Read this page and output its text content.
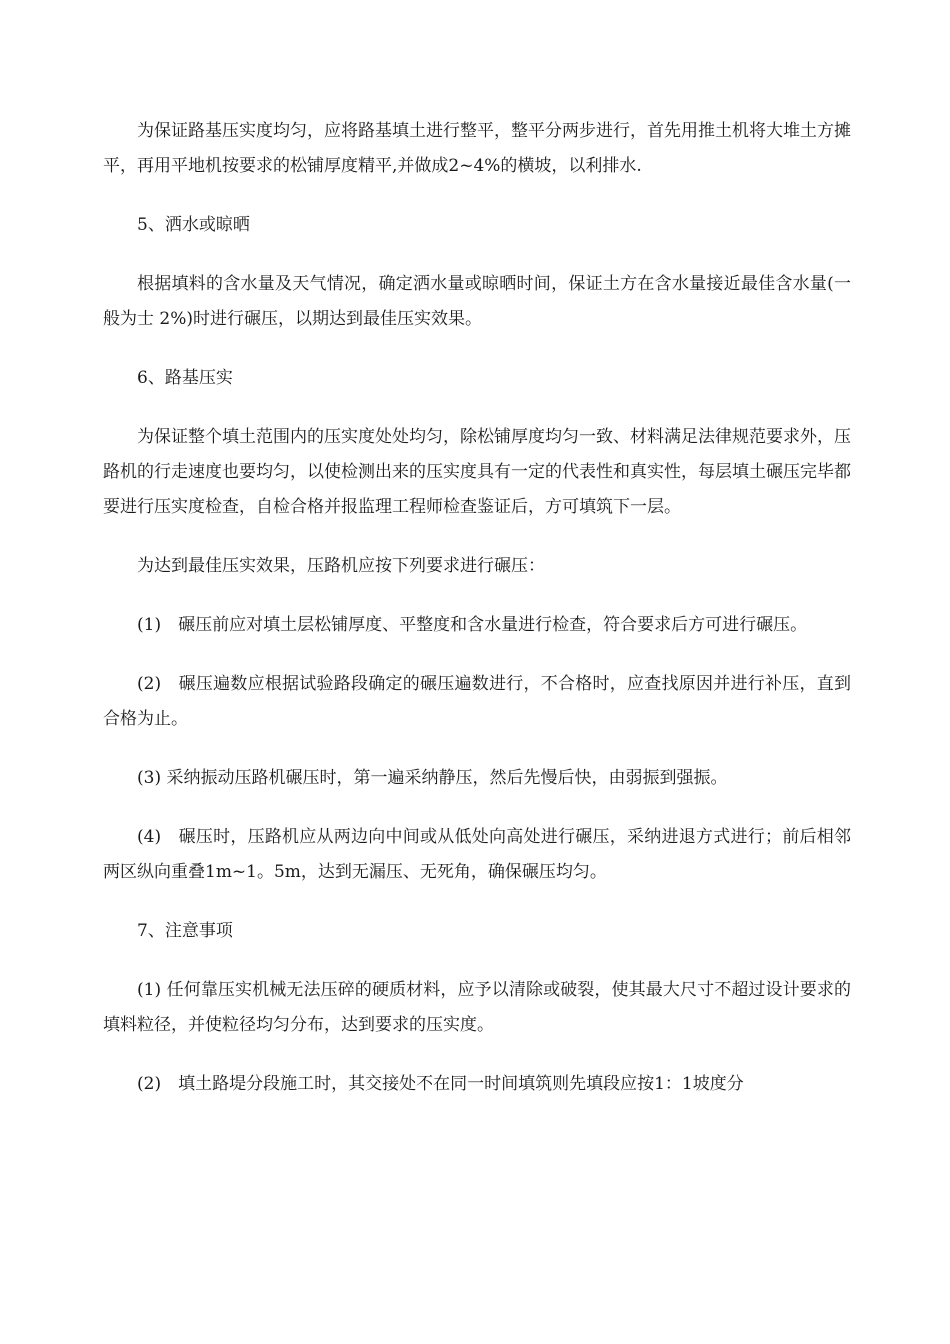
为保证路基压实度均匀，应将路基填土进行整平，整平分两步进行，首先用推土机将大堆土方摊平，再用平地机按要求的松铺厚度精平,并做成2~4%的横坡，以利排水.

5、洒水或晾晒

根据填料的含水量及天气情况，确定洒水量或晾晒时间，保证土方在含水量接近最佳含水量(一般为士 2%)时进行碾压，以期达到最佳压实效果。

6、路基压实

为保证整个填土范围内的压实度处处均匀，除松铺厚度均匀一致、材料满足法律规范要求外，压路机的行走速度也要均匀，以使检测出来的压实度具有一定的代表性和真实性，每层填土碾压完毕都要进行压实度检查，自检合格并报监理工程师检查鉴证后，方可填筑下一层。

为达到最佳压实效果，压路机应按下列要求进行碾压：

(1)　碾压前应对填土层松铺厚度、平整度和含水量进行检查，符合要求后方可进行碾压。

(2)　碾压遍数应根据试验路段确定的碾压遍数进行，不合格时，应查找原因并进行补压，直到合格为止。

(3) 采纳振动压路机碾压时，第一遍采纳静压，然后先慢后快，由弱振到强振。

(4)　碾压时，压路机应从两边向中间或从低处向高处进行碾压，采纳进退方式进行；前后相邻两区纵向重叠1m~1。5m，达到无漏压、无死角，确保碾压均匀。

7、注意事项

(1) 任何靠压实机械无法压碎的硬质材料，应予以清除或破裂，使其最大尺寸不超过设计要求的填料粒径，并使粒径均匀分布，达到要求的压实度。

(2)　填土路堤分段施工时，其交接处不在同一时间填筑则先填段应按1：1坡度分
